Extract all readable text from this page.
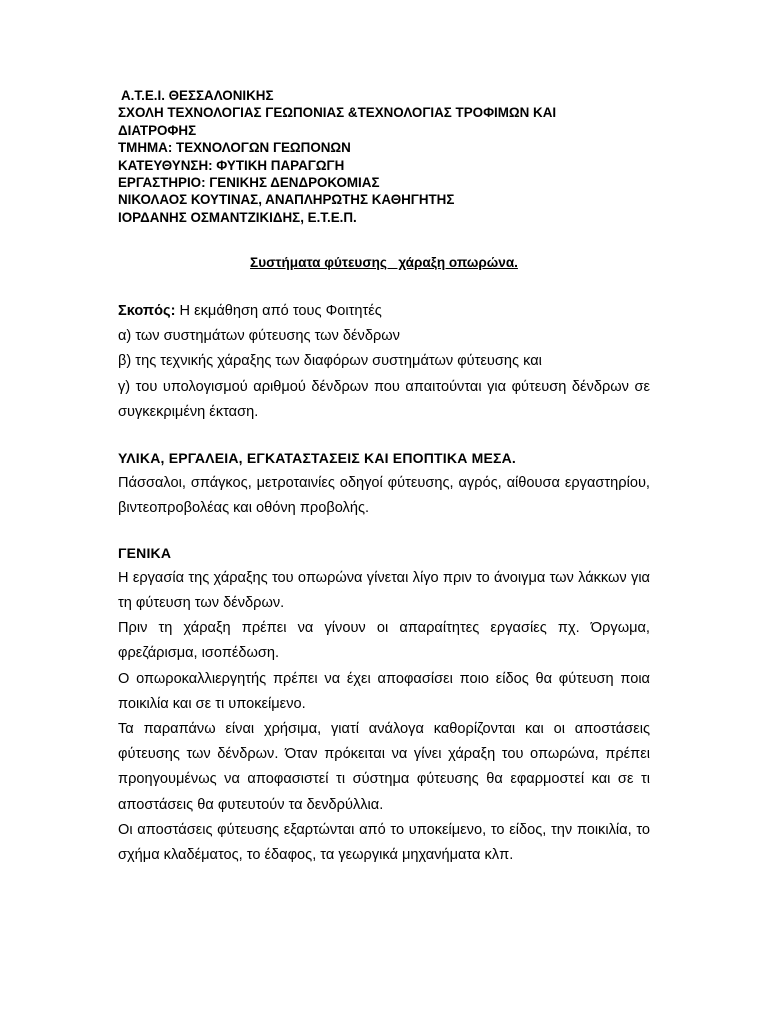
Α.Τ.Ε.Ι. ΘΕΣΣΑΛΟΝΙΚΗΣ
ΣΧΟΛΗ ΤΕΧΝΟΛΟΓΙΑΣ ΓΕΩΠΟΝΙΑΣ &ΤΕΧΝΟΛΟΓΙΑΣ ΤΡΟΦΙΜΩΝ ΚΑΙ
ΔΙΑΤΡΟΦΗΣ
ΤΜΗΜΑ: ΤΕΧΝΟΛΟΓΩΝ ΓΕΩΠΟΝΩΝ
ΚΑΤΕΥΘΥΝΣΗ: ΦΥΤΙΚΗ ΠΑΡΑΓΩΓΗ
ΕΡΓΑΣΤΗΡΙΟ: ΓΕΝΙΚΗΣ ΔΕΝΔΡΟΚΟΜΙΑΣ
ΝΙΚΟΛΑΟΣ ΚΟΥΤΙΝΑΣ, ΑΝΑΠΛΗΡΩΤΗΣ ΚΑΘΗΓΗΤΗΣ
ΙΟΡΔΑΝΗΣ ΟΣΜΑΝΤΖΙΚΙΔΗΣ, Ε.Τ.Ε.Π.
Συστήματα φύτευσης   χάραξη οπωρώνα.

Σκοπός: Η εκμάθηση από τους Φοιτητές

α) των συστημάτων φύτευσης των δένδρων

β) της τεχνικής χάραξης των διαφόρων συστημάτων φύτευσης και

γ) του υπολογισμού αριθμού δένδρων που απαιτούνται για φύτευση δένδρων σε συγκεκριμένη έκταση.

ΥΛΙΚΑ, ΕΡΓΑΛΕΙΑ, ΕΓΚΑΤΑΣΤΑΣΕΙΣ ΚΑΙ ΕΠΟΠΤΙΚΑ ΜΕΣΑ.

Πάσσαλοι, σπάγκος, μετροταινίες οδηγοί φύτευσης, αγρός, αίθουσα εργαστηρίου, βιντεοπροβολέας και οθόνη προβολής.

ΓΕΝΙΚΑ

Η εργασία της χάραξης του οπωρώνα γίνεται λίγο πριν το άνοιγμα των λάκκων για τη φύτευση των δένδρων.

Πριν τη χάραξη πρέπει να γίνουν οι απαραίτητες εργασίες πχ. Όργωμα, φρεζάρισμα, ισοπέδωση.

Ο οπωροκαλλιεργητής πρέπει να έχει αποφασίσει ποιο είδος θα φύτευση ποια ποικιλία και σε τι υποκείμενο.

Τα παραπάνω είναι χρήσιμα, γιατί ανάλογα καθορίζονται και οι αποστάσεις φύτευσης των δένδρων. Όταν πρόκειται να γίνει χάραξη του οπωρώνα, πρέπει προηγουμένως να αποφασιστεί τι σύστημα φύτευσης θα εφαρμοστεί και σε τι αποστάσεις θα φυτευτούν τα δενδρύλλια.

Οι αποστάσεις φύτευσης εξαρτώνται από το υποκείμενο, το είδος, την ποικιλία, το σχήμα κλαδέματος, το έδαφος, τα γεωργικά μηχανήματα κλπ.
